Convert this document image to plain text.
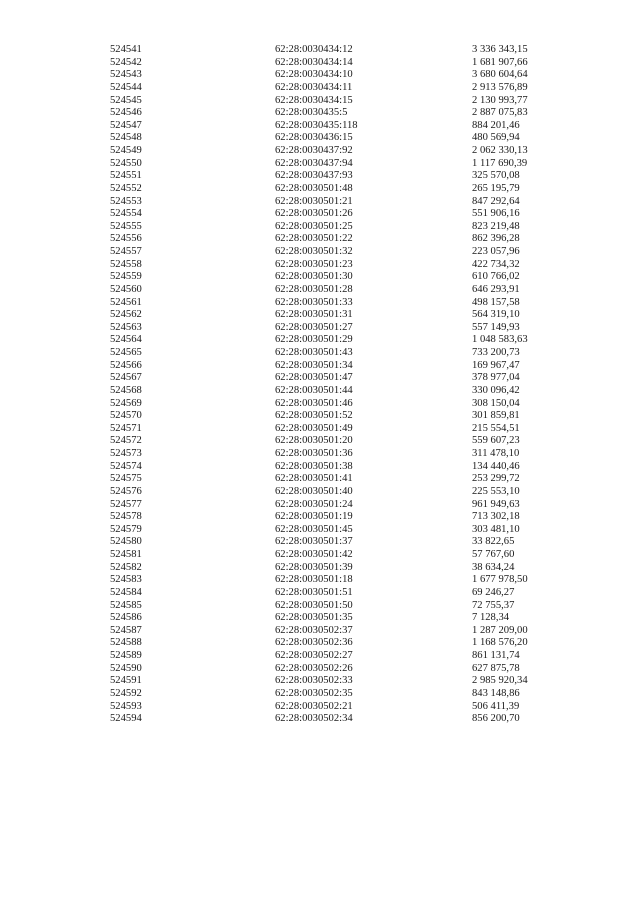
524541	62:28:0030434:12	3 336 343,15
524542	62:28:0030434:14	1 681 907,66
524543	62:28:0030434:10	3 680 604,64
524544	62:28:0030434:11	2 913 576,89
524545	62:28:0030434:15	2 130 993,77
524546	62:28:0030435:5	2 887 075,83
524547	62:28:0030435:118	884 201,46
524548	62:28:0030436:15	480 569,94
524549	62:28:0030437:92	2 062 330,13
524550	62:28:0030437:94	1 117 690,39
524551	62:28:0030437:93	325 570,08
524552	62:28:0030501:48	265 195,79
524553	62:28:0030501:21	847 292,64
524554	62:28:0030501:26	551 906,16
524555	62:28:0030501:25	823 219,48
524556	62:28:0030501:22	862 396,28
524557	62:28:0030501:32	223 057,96
524558	62:28:0030501:23	422 734,32
524559	62:28:0030501:30	610 766,02
524560	62:28:0030501:28	646 293,91
524561	62:28:0030501:33	498 157,58
524562	62:28:0030501:31	564 319,10
524563	62:28:0030501:27	557 149,93
524564	62:28:0030501:29	1 048 583,63
524565	62:28:0030501:43	733 200,73
524566	62:28:0030501:34	169 967,47
524567	62:28:0030501:47	378 977,04
524568	62:28:0030501:44	330 096,42
524569	62:28:0030501:46	308 150,04
524570	62:28:0030501:52	301 859,81
524571	62:28:0030501:49	215 554,51
524572	62:28:0030501:20	559 607,23
524573	62:28:0030501:36	311 478,10
524574	62:28:0030501:38	134 440,46
524575	62:28:0030501:41	253 299,72
524576	62:28:0030501:40	225 553,10
524577	62:28:0030501:24	961 949,63
524578	62:28:0030501:19	713 302,18
524579	62:28:0030501:45	303 481,10
524580	62:28:0030501:37	33 822,65
524581	62:28:0030501:42	57 767,60
524582	62:28:0030501:39	38 634,24
524583	62:28:0030501:18	1 677 978,50
524584	62:28:0030501:51	69 246,27
524585	62:28:0030501:50	72 755,37
524586	62:28:0030501:35	7 128,34
524587	62:28:0030502:37	1 287 209,00
524588	62:28:0030502:36	1 168 576,20
524589	62:28:0030502:27	861 131,74
524590	62:28:0030502:26	627 875,78
524591	62:28:0030502:33	2 985 920,34
524592	62:28:0030502:35	843 148,86
524593	62:28:0030502:21	506 411,39
524594	62:28:0030502:34	856 200,70
